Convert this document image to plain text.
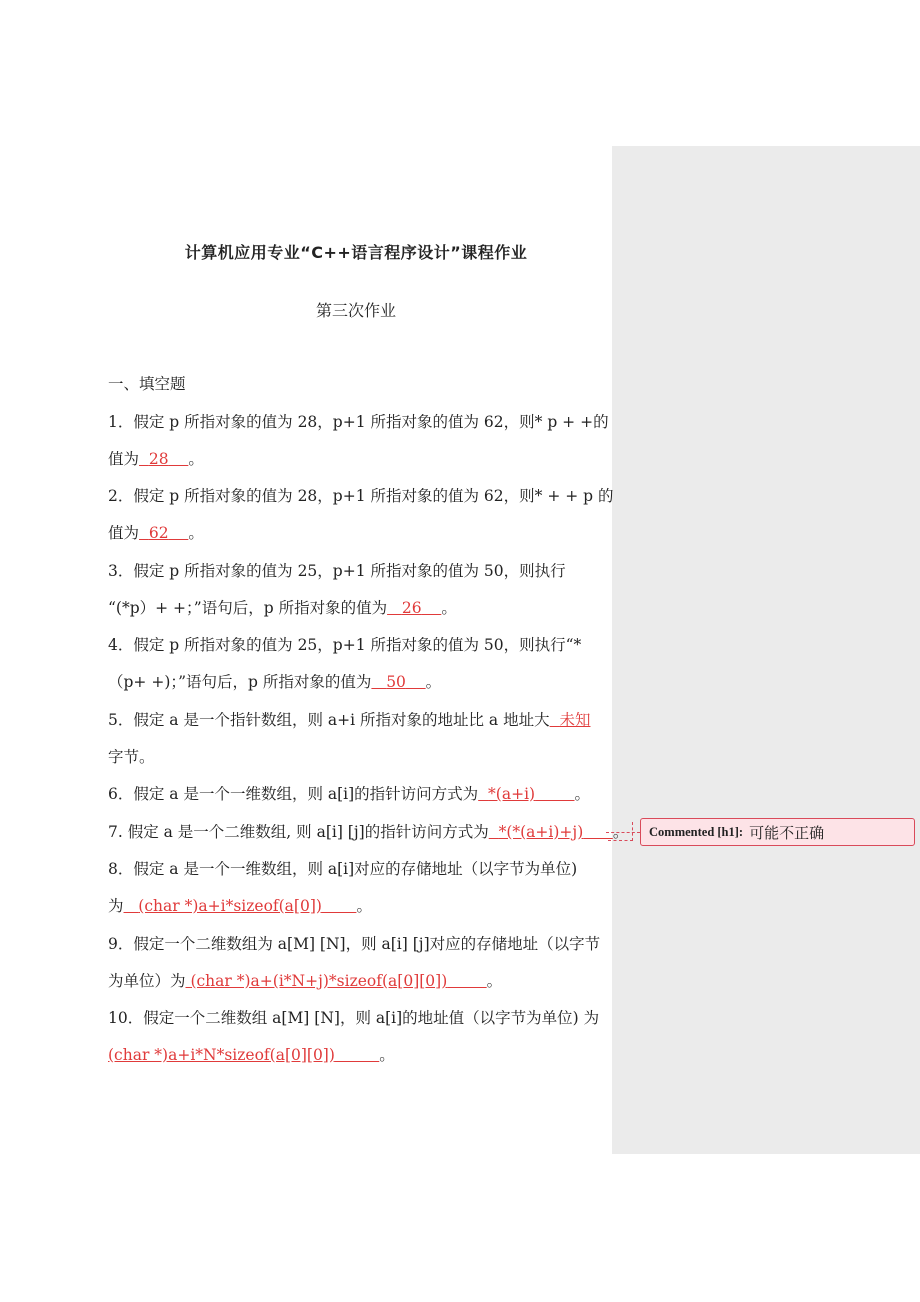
计算机应用专业“C++语言程序设计”课程作业
第三次作业
一、填空题
1．假定 p 所指对象的值为 28，p+1 所指对象的值为 62，则* p + +的
值为 28 。
2．假定 p 所指对象的值为 28，p+1 所指对象的值为 62，则* + + p 的
值为 62 。
3．假定 p 所指对象的值为 25，p+1 所指对象的值为 50，则执行
“(*p）+ +；”语句后，p 所指对象的值为 26 。
4．假定 p 所指对象的值为 25，p+1 所指对象的值为 50，则执行“*
（p+ +)；”语句后，p 所指对象的值为 50 。
5．假定 a 是一个指针数组，则 a+i 所指对象的地址比 a 地址大 未知
字节。
6．假定 a 是一个一维数组，则 a[i]的指针访问方式为 *(a+i)	。
7. 假定 a 是一个二维数组, 则 a[i] [j]的指针访问方式为 *(*(a+i)+j) 。
8．假定 a 是一个一维数组，则 a[i]对应的存储地址（以字节为单位)
为 (char *)a+i*sizeof(a[0]) 。
9．假定一个二维数组为 a[M] [N]，则 a[i] [j]对应的存储地址（以字节
为单位）为 (char *)a+(i*N+j)*sizeof(a[0][0])	。
10．假定一个二维数组 a[M] [N]，则 a[i]的地址值（以字节为单位) 为
(char *)a+i*N*sizeof(a[0][0])	。
Commented [h1]: 可能不正确
